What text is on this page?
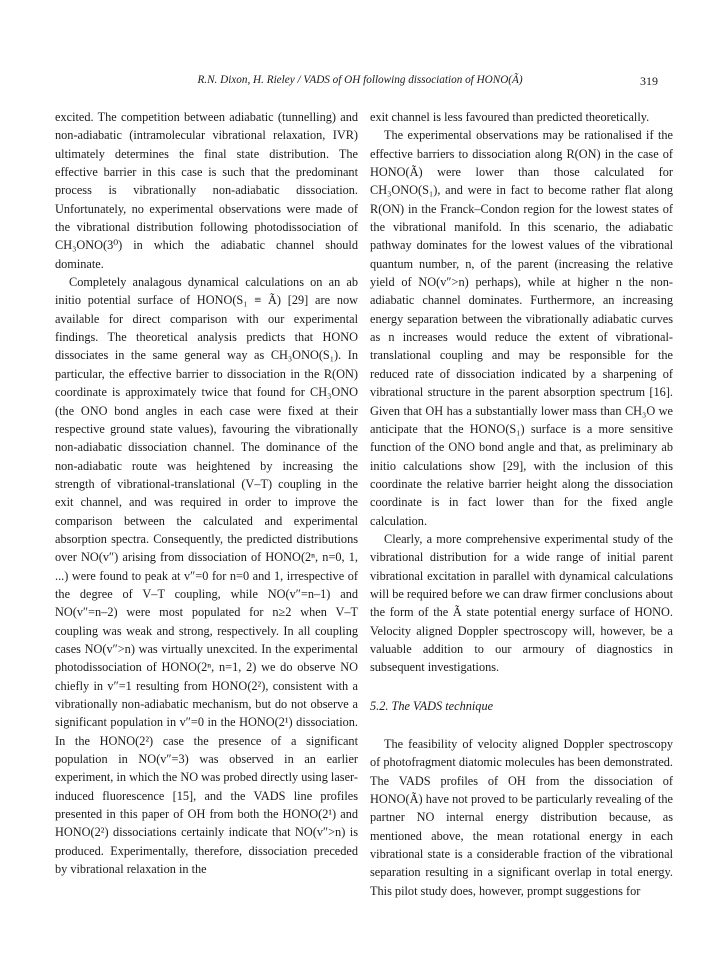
R.N. Dixon, H. Rieley / VADS of OH following dissociation of HONO(Ã)	319

excited. The competition between adiabatic (tunnelling) and non-adiabatic (intramolecular vibrational relaxation, IVR) ultimately determines the final state distribution. The effective barrier in this case is such that the predominant process is vibrationally non-adiabatic dissociation. Unfortunately, no experimental observations were made of the vibrational distribution following photodissociation of CH₃ONO(3⁰) in which the adiabatic channel should dominate.

Completely analagous dynamical calculations on an ab initio potential surface of HONO(S₁ ≡ Ã) [29] are now available for direct comparison with our experimental findings. The theoretical analysis predicts that HONO dissociates in the same general way as CH₃ONO(S₁). In particular, the effective barrier to dissociation in the R(ON) coordinate is approximately twice that found for CH₃ONO (the ONO bond angles in each case were fixed at their respective ground state values), favouring the vibrationally non-adiabatic dissociation channel. The dominance of the non-adiabatic route was heightened by increasing the strength of vibrational-translational (V–T) coupling in the exit channel, and was required in order to improve the comparison between the calculated and experimental absorption spectra. Consequently, the predicted distributions over NO(v″) arising from dissociation of HONO(2ⁿ, n=0, 1, ...) were found to peak at v″=0 for n=0 and 1, irrespective of the degree of V–T coupling, while NO(v″=n–1) and NO(v″=n–2) were most populated for n≥2 when V–T coupling was weak and strong, respectively. In all coupling cases NO(v″>n) was virtually unexcited. In the experimental photodissociation of HONO(2ⁿ, n=1, 2) we do observe NO chiefly in v″=1 resulting from HONO(2²), consistent with a vibrationally non-adiabatic mechanism, but do not observe a significant population in v″=0 in the HONO(2¹) dissociation. In the HONO(2²) case the presence of a significant population in NO(v″=3) was observed in an earlier experiment, in which the NO was probed directly using laser-induced fluorescence [15], and the VADS line profiles presented in this paper of OH from both the HONO(2¹) and HONO(2²) dissociations certainly indicate that NO(v″>n) is produced. Experimentally, therefore, dissociation preceded by vibrational relaxation in the

exit channel is less favoured than predicted theoretically.

The experimental observations may be rationalised if the effective barriers to dissociation along R(ON) in the case of HONO(Ã) were lower than those calculated for CH₃ONO(S₁), and were in fact to become rather flat along R(ON) in the Franck–Condon region for the lowest states of the vibrational manifold. In this scenario, the adiabatic pathway dominates for the lowest values of the vibrational quantum number, n, of the parent (increasing the relative yield of NO(v″>n) perhaps), while at higher n the non-adiabatic channel dominates. Furthermore, an increasing energy separation between the vibrationally adiabatic curves as n increases would reduce the extent of vibrational-translational coupling and may be responsible for the reduced rate of dissociation indicated by a sharpening of vibrational structure in the parent absorption spectrum [16]. Given that OH has a substantially lower mass than CH₃O we anticipate that the HONO(S₁) surface is a more sensitive function of the ONO bond angle and that, as preliminary ab initio calculations show [29], with the inclusion of this coordinate the relative barrier height along the dissociation coordinate is in fact lower than for the fixed angle calculation.

Clearly, a more comprehensive experimental study of the vibrational distribution for a wide range of initial parent vibrational excitation in parallel with dynamical calculations will be required before we can draw firmer conclusions about the form of the Ã state potential energy surface of HONO. Velocity aligned Doppler spectroscopy will, however, be a valuable addition to our armoury of diagnostics in subsequent investigations.

5.2. The VADS technique

The feasibility of velocity aligned Doppler spectroscopy of photofragment diatomic molecules has been demonstrated. The VADS profiles of OH from the dissociation of HONO(Ã) have not proved to be particularly revealing of the partner NO internal energy distribution because, as mentioned above, the mean rotational energy in each vibrational state is a considerable fraction of the vibrational separation resulting in a significant overlap in total energy. This pilot study does, however, prompt suggestions for
